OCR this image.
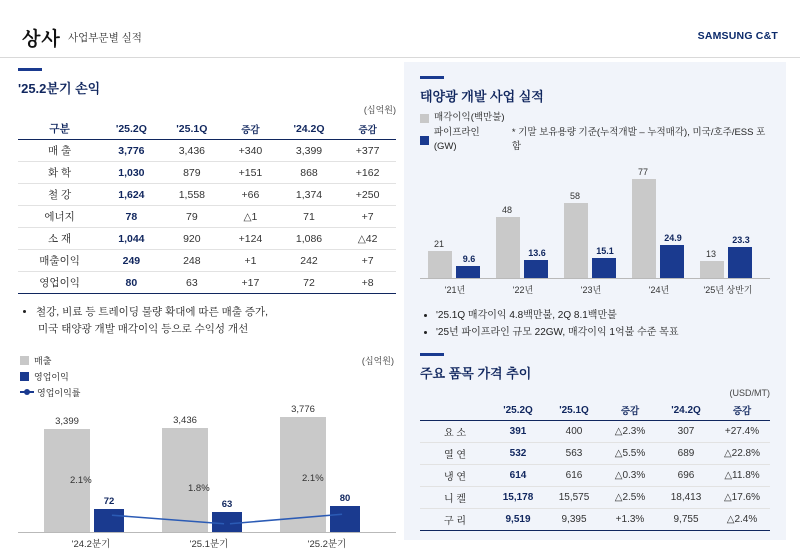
상사 사업부문별 실적	SAMSUNG C&T
'25.2분기 손익
(십억원)
구분	'25.2Q	'25.1Q	증감	'24.2Q	증감
매 출	3,776	3,436	+340	3,399	+377
화 학	1,030	879	+151	868	+162
철 강	1,624	1,558	+66	1,374	+250
에너지	78	79	△1	71	+7
소 재	1,044	920	+124	1,086	△42
매출이익	249	248	+1	242	+7
영업이익	80	63	+17	72	+8
• 철강, 비료 등 트레이딩 물량 확대에 따른 매출 증가,
미국 태양광 개발 매각이익 등으로 수익성 개선
매출
영업이익
영업이익률
(십억원)
3,399
72
2.1%
3,436
63
1.8%
3,776
80
2.1%
'24.2분기	'25.1분기	'25.2분기
태양광 개발 사업 실적
매각이익(백만불)
파이프라인 (GW)
* 기말 보유용량 기준(누적개발 – 누적매각), 미국/호주/ESS 포함
21
9.6
48
13.6
58
15.1
77
24.9
13
23.3
'21년	'22년	'23년	'24년	'25년 상반기
• '25.1Q 매각이익 4.8백만불, 2Q 8.1백만불
• '25년 파이프라인 규모 22GW, 매각이익 1억불 수준 목표
주요 품목 가격 추이
(USD/MT)
	'25.2Q	'25.1Q	증감	'24.2Q	증감
요 소	391	400	△2.3%	307	+27.4%
열 연	532	563	△5.5%	689	△22.8%
냉 연	614	616	△0.3%	696	△11.8%
니 켈	15,178	15,575	△2.5%	18,413	△17.6%
구 리	9,519	9,395	+1.3%	9,755	△2.4%
